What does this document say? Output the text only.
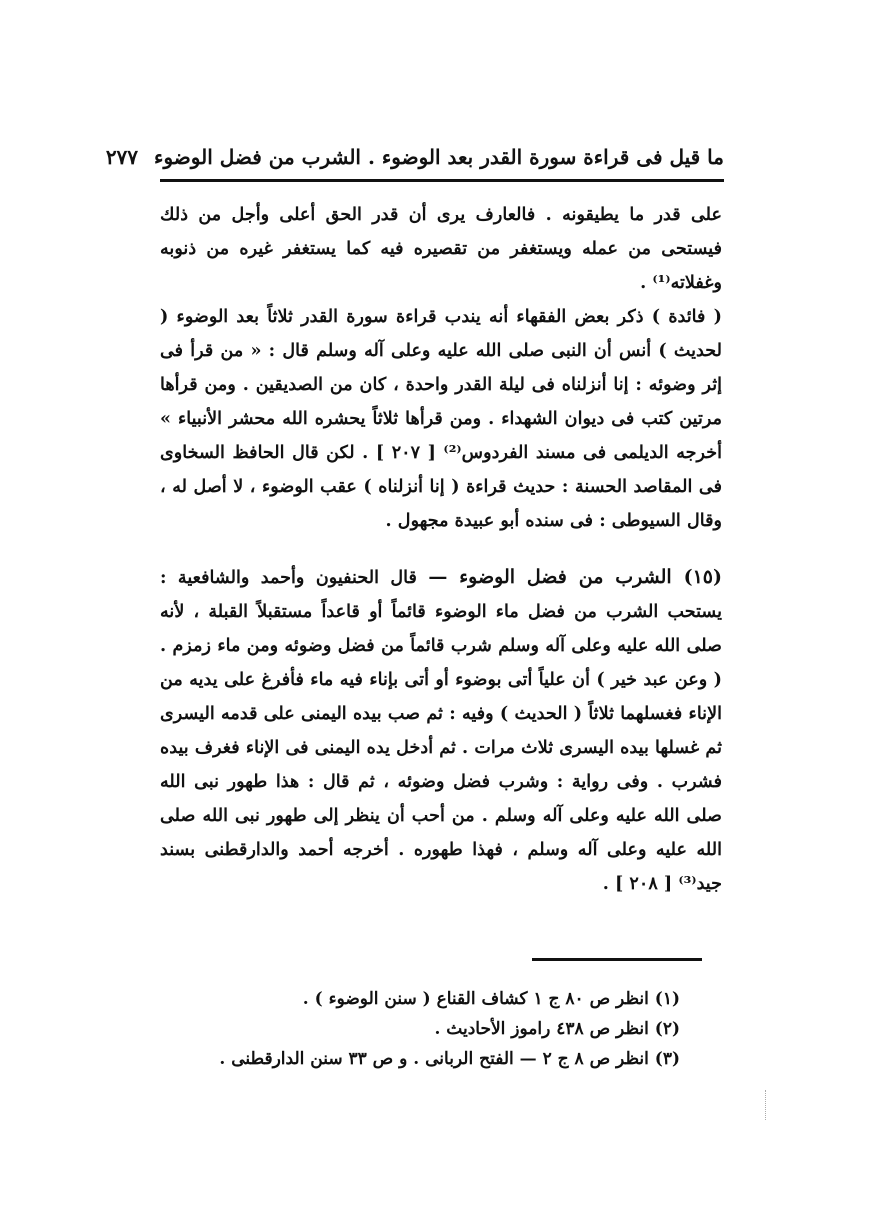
ما قيل فى قراءة سورة القدر بعد الوضوء . الشرب من فضل الوضوء
٢٧٧

على قدر ما يطيقونه . فالعارف يرى أن قدر الحق أعلى وأجل من ذلك فيستحى من عمله ويستغفر من تقصيره فيه كما يستغفر غيره من ذنوبه وغفلاته⁽¹⁾ .

( فائدة ) ذكر بعض الفقهاء أنه يندب قراءة سورة القدر ثلاثاً بعد الوضوء ( لحديث ) أنس أن النبى صلى الله عليه وعلى آله وسلم قال : « من قرأ فى إثر وضوئه : إنا أنزلناه فى ليلة القدر واحدة ، كان من الصديقين . ومن قرأها مرتين كتب فى ديوان الشهداء . ومن قرأها ثلاثاً يحشره الله محشر الأنبياء » أخرجه الديلمى فى مسند الفردوس⁽²⁾ [ ٢٠٧ ] . لكن قال الحافظ السخاوى فى المقاصد الحسنة : حديث قراءة ( إنا أنزلناه ) عقب الوضوء ، لا أصل له ، وقال السيوطى : فى سنده أبو عبيدة مجهول .

(١٥) الشرب من فضل الوضوء — قال الحنفيون وأحمد والشافعية : يستحب الشرب من فضل ماء الوضوء قائماً أو قاعداً مستقبلاً القبلة ، لأنه صلى الله عليه وعلى آله وسلم شرب قائماً من فضل وضوئه ومن ماء زمزم . ( وعن عبد خير ) أن علياً أتى بوضوء أو أتى بإناء فيه ماء فأفرغ على يديه من الإناء فغسلهما ثلاثاً ( الحديث ) وفيه : ثم صب بيده اليمنى على قدمه اليسرى ثم غسلها بيده اليسرى ثلاث مرات . ثم أدخل يده اليمنى فى الإناء فغرف بيده فشرب . وفى رواية : وشرب فضل وضوئه ، ثم قال : هذا طهور نبى الله صلى الله عليه وعلى آله وسلم . من أحب أن ينظر إلى طهور نبى الله صلى الله عليه وعلى آله وسلم ، فهذا طهوره . أخرجه أحمد والدارقطنى بسند جيد⁽³⁾ [ ٢٠٨ ] .

(١) انظر ص ٨٠ ج ١ كشاف القناع ( سنن الوضوء ) .
(٢) انظر ص ٤٣٨ راموز الأحاديث .
(٣) انظر ص ٨ ج ٢ — الفتح الربانى . و ص ٣٣ سنن الدارقطنى .
